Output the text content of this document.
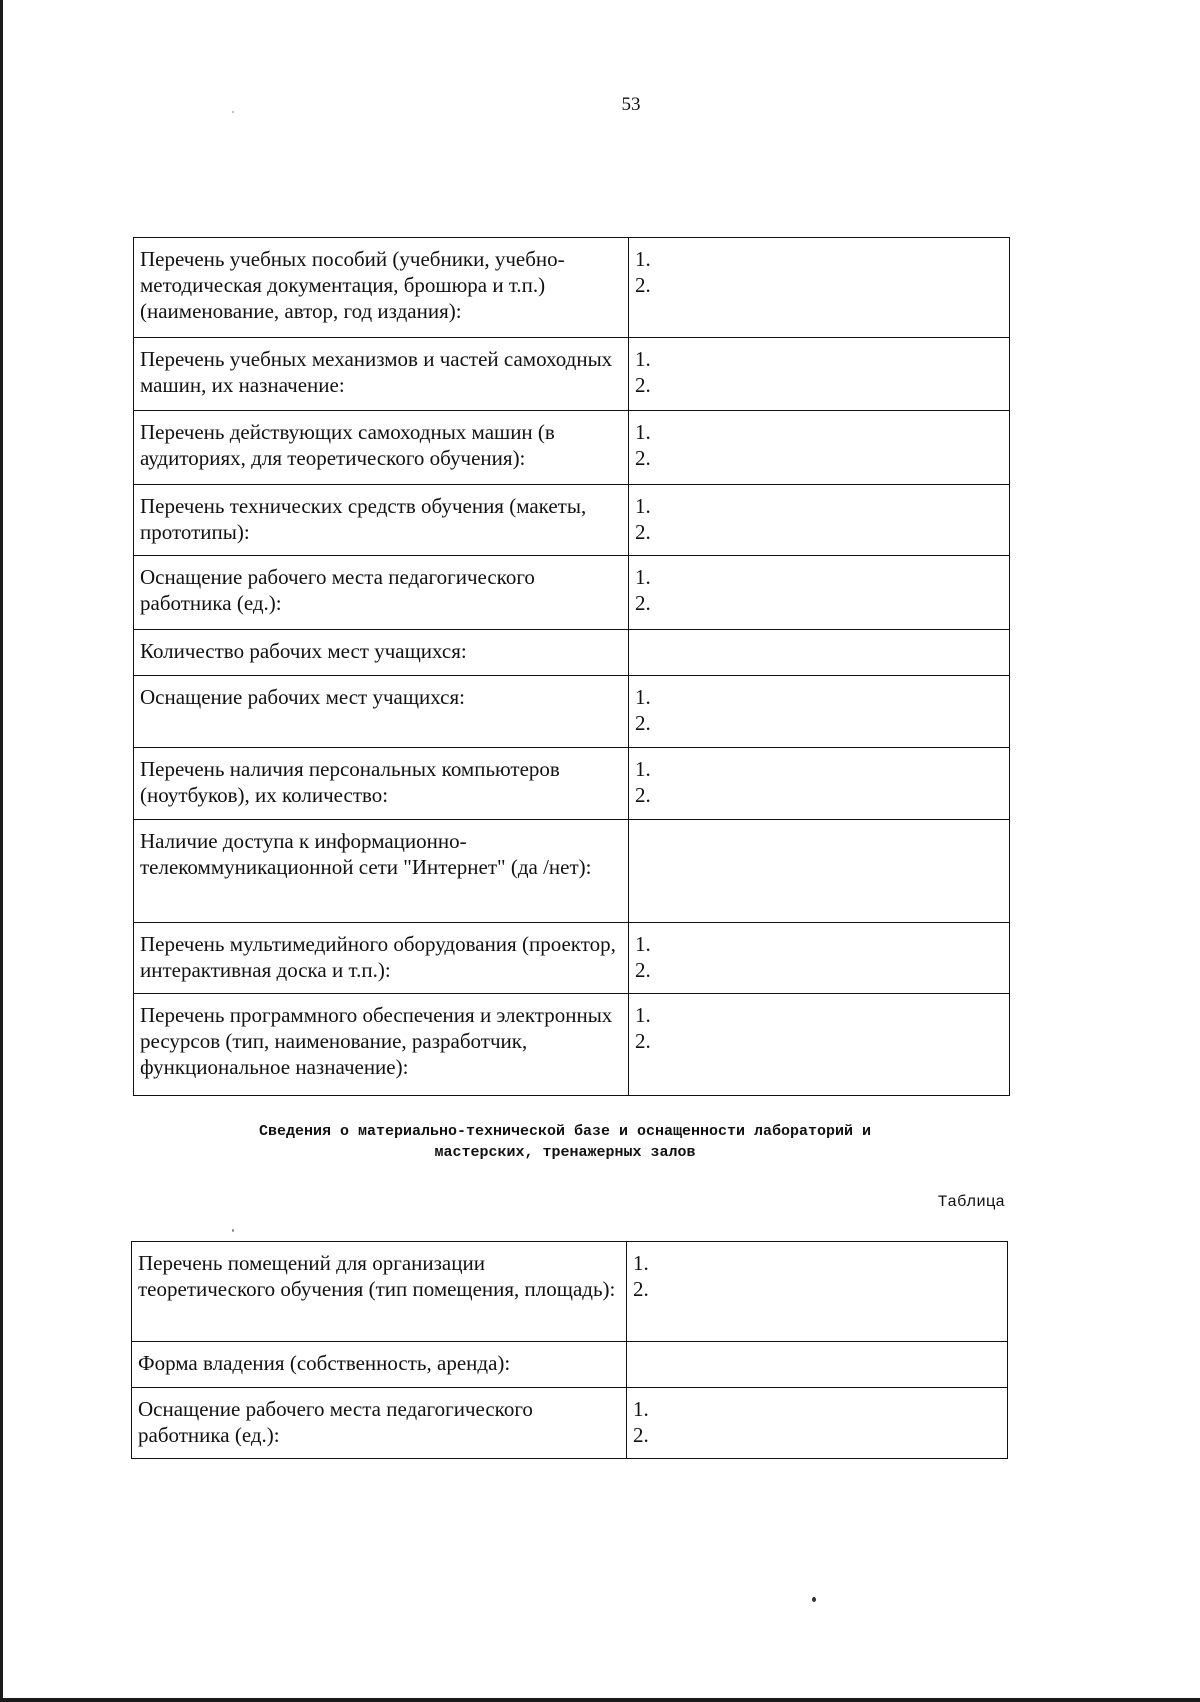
53
Перечень учебных пособий (учебники, учебно-методическая документация, брошюра и т.п.) (наименование, автор, год издания):	1.
2.

Перечень учебных механизмов и частей самоходных машин, их назначение:	1.
2.

Перечень действующих самоходных машин (в аудиториях, для теоретического обучения):	1.
2.

Перечень технических средств обучения (макеты, прототипы):	1.
2.

Оснащение рабочего места педагогического работника (ед.):	1.
2.

Количество рабочих мест учащихся:	
Оснащение рабочих мест учащихся:	1.
2.

Перечень наличия персональных компьютеров (ноутбуков), их количество:	1.
2.

Наличие доступа к информационно-телекоммуникационной сети "Интернет" (да /нет):	
Перечень мультимедийного оборудования (проектор, интерактивная доска и т.п.):	1.
2.

Перечень программного обеспечения и электронных ресурсов (тип, наименование, разработчик, функциональное назначение):	1.
2.
Сведения о материально-технической базе и оснащенности лабораторий и
мастерских, тренажерных залов
Таблица
Перечень помещений для организации теоретического обучения (тип помещения, площадь):	1.
2.

Форма владения (собственность, аренда):	
Оснащение рабочего места педагогического работника (ед.):	1.
2.
